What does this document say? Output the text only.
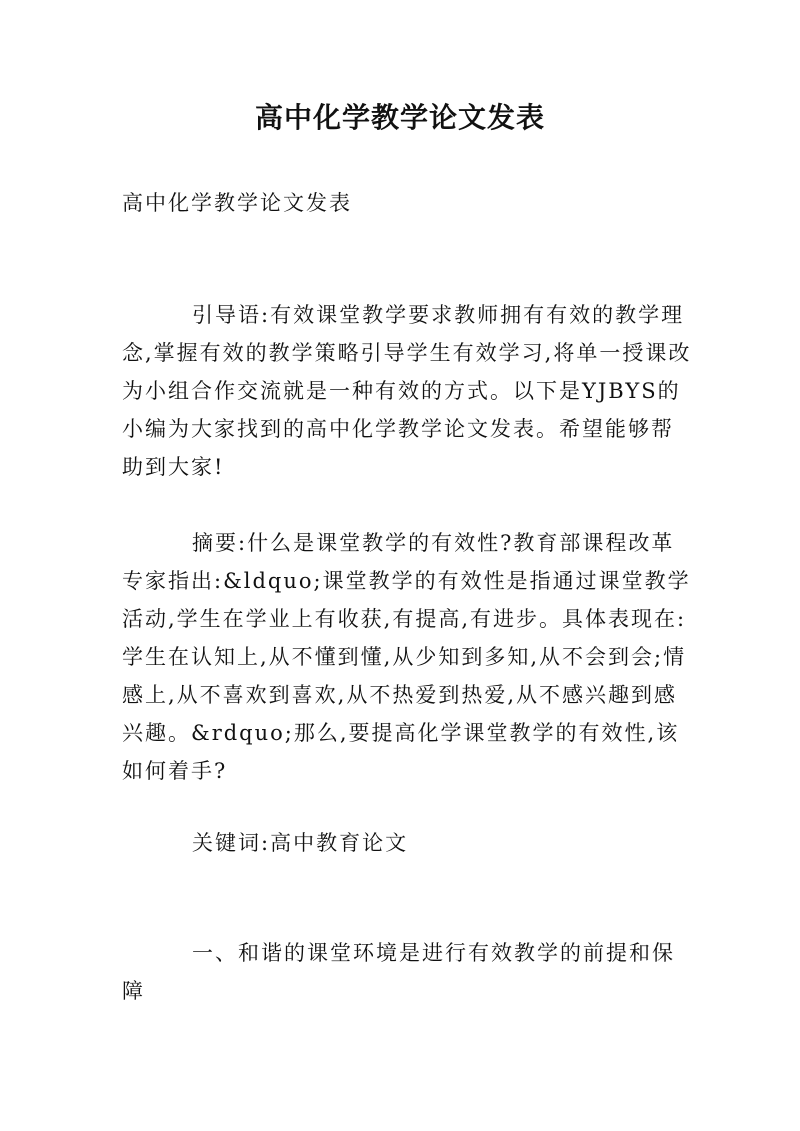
高中化学教学论文发表

高中化学教学论文发表

引导语:有效课堂教学要求教师拥有有效的教学理念,掌握有效的教学策略引导学生有效学习,将单一授课改为小组合作交流就是一种有效的方式。以下是YJBYS的小编为大家找到的高中化学教学论文发表。希望能够帮助到大家!

摘要:什么是课堂教学的有效性?教育部课程改革专家指出:&ldquo;课堂教学的有效性是指通过课堂教学活动,学生在学业上有收获,有提高,有进步。具体表现在:学生在认知上,从不懂到懂,从少知到多知,从不会到会;情感上,从不喜欢到喜欢,从不热爱到热爱,从不感兴趣到感兴趣。&rdquo;那么,要提高化学课堂教学的有效性,该如何着手?

关键词:高中教育论文

一、和谐的课堂环境是进行有效教学的前提和保障
